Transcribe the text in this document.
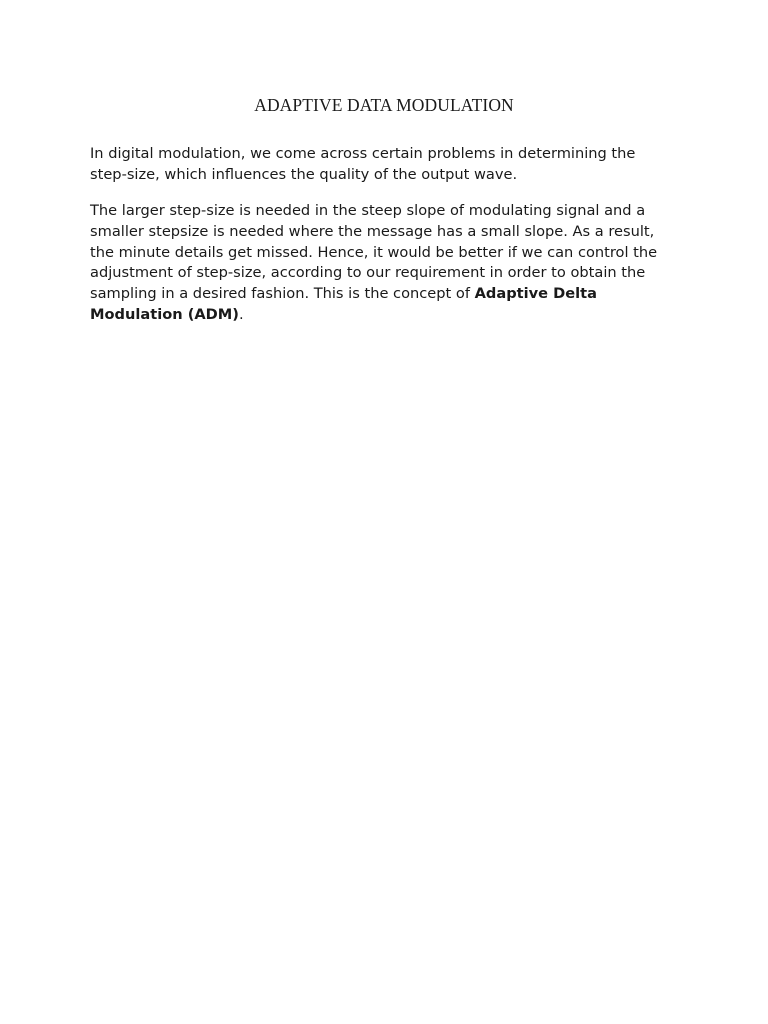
ADAPTIVE DATA MODULATION

In digital modulation, we come across certain problems in determining the step-size, which influences the quality of the output wave.

The larger step-size is needed in the steep slope of modulating signal and a smaller stepsize is needed where the message has a small slope. As a result, the minute details get missed. Hence, it would be better if we can control the adjustment of step-size, according to our requirement in order to obtain the sampling in a desired fashion. This is the concept of Adaptive Delta Modulation (ADM).
